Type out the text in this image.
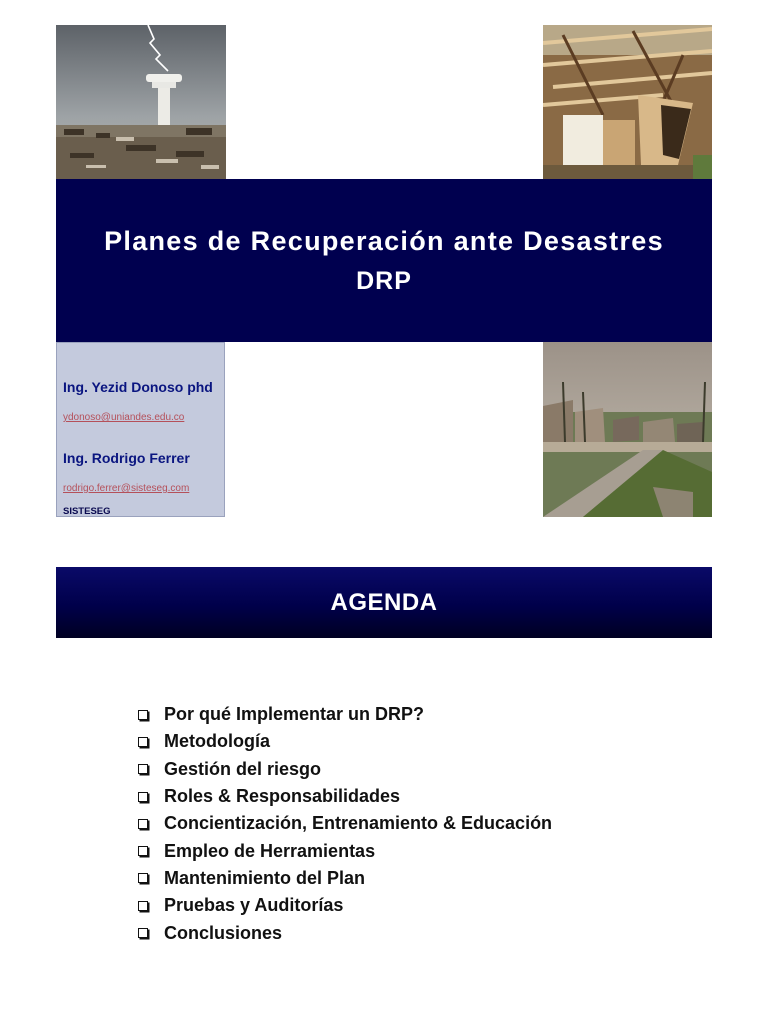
Planes de Recuperación ante Desastres
DRP
Ing. Yezid Donoso phd
ydonoso@uniandes.edu.co
Ing. Rodrigo Ferrer
rodrigo.ferrer@sisteseg.com
SISTESEG
AGENDA
Por qué Implementar un DRP?
Metodología
Gestión del riesgo
Roles & Responsabilidades
Concientización, Entrenamiento & Educación
Empleo de Herramientas
Mantenimiento del Plan
Pruebas y Auditorías
Conclusiones
